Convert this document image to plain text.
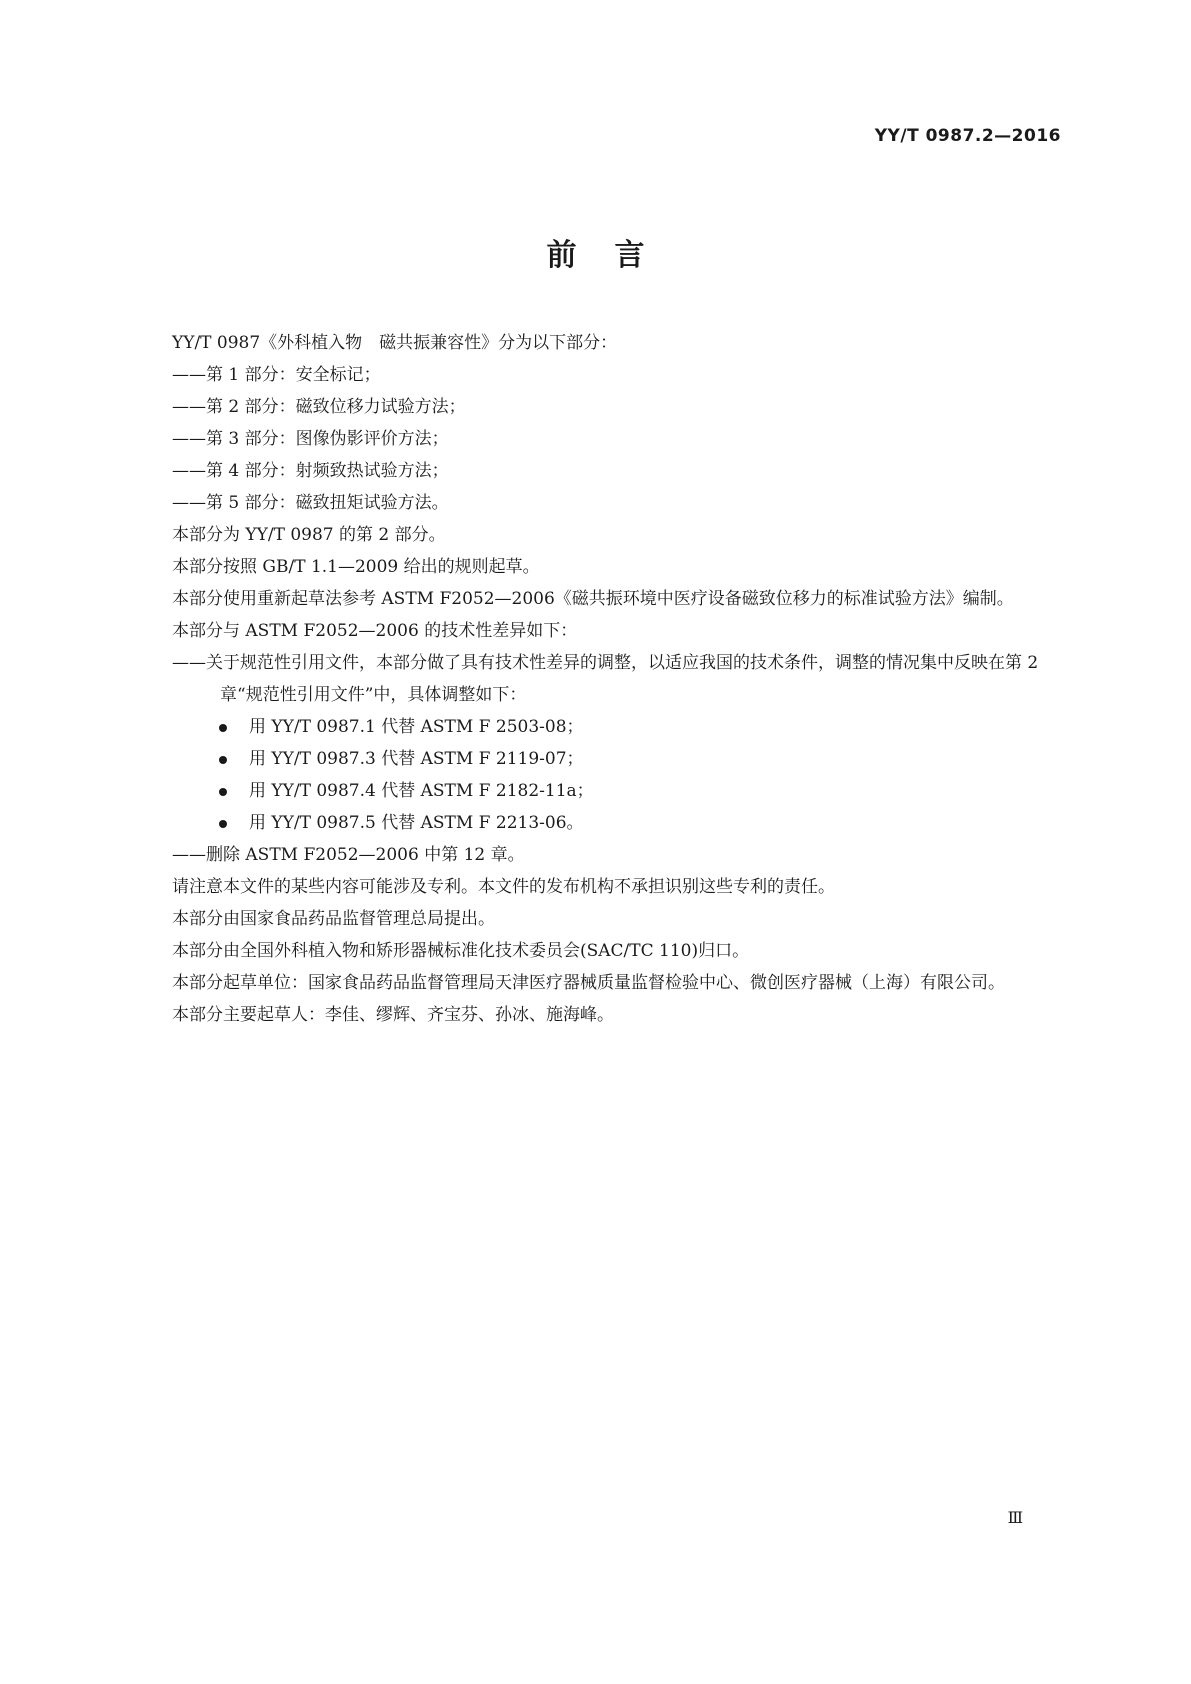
YY/T 0987.2—2016
前言

YY/T 0987《外科植入物　磁共振兼容性》分为以下部分：

——第 1 部分：安全标记；

——第 2 部分：磁致位移力试验方法；

——第 3 部分：图像伪影评价方法；

——第 4 部分：射频致热试验方法；

——第 5 部分：磁致扭矩试验方法。

本部分为 YY/T 0987 的第 2 部分。

本部分按照 GB/T 1.1—2009 给出的规则起草。

本部分使用重新起草法参考 ASTM F2052—2006《磁共振环境中医疗设备磁致位移力的标准试验方法》编制。

本部分与 ASTM F2052—2006 的技术性差异如下：

——关于规范性引用文件，本部分做了具有技术性差异的调整，以适应我国的技术条件，调整的情况集中反映在第 2 章“规范性引用文件”中，具体调整如下：

用 YY/T 0987.1 代替 ASTM F 2503-08；

用 YY/T 0987.3 代替 ASTM F 2119-07；

用 YY/T 0987.4 代替 ASTM F 2182-11a；

用 YY/T 0987.5 代替 ASTM F 2213-06。

——删除 ASTM F2052—2006 中第 12 章。

请注意本文件的某些内容可能涉及专利。本文件的发布机构不承担识别这些专利的责任。

本部分由国家食品药品监督管理总局提出。

本部分由全国外科植入物和矫形器械标准化技术委员会(SAC/TC 110)归口。

本部分起草单位：国家食品药品监督管理局天津医疗器械质量监督检验中心、微创医疗器械（上海）有限公司。

本部分主要起草人：李佳、缪辉、齐宝芬、孙冰、施海峰。

Ⅲ
